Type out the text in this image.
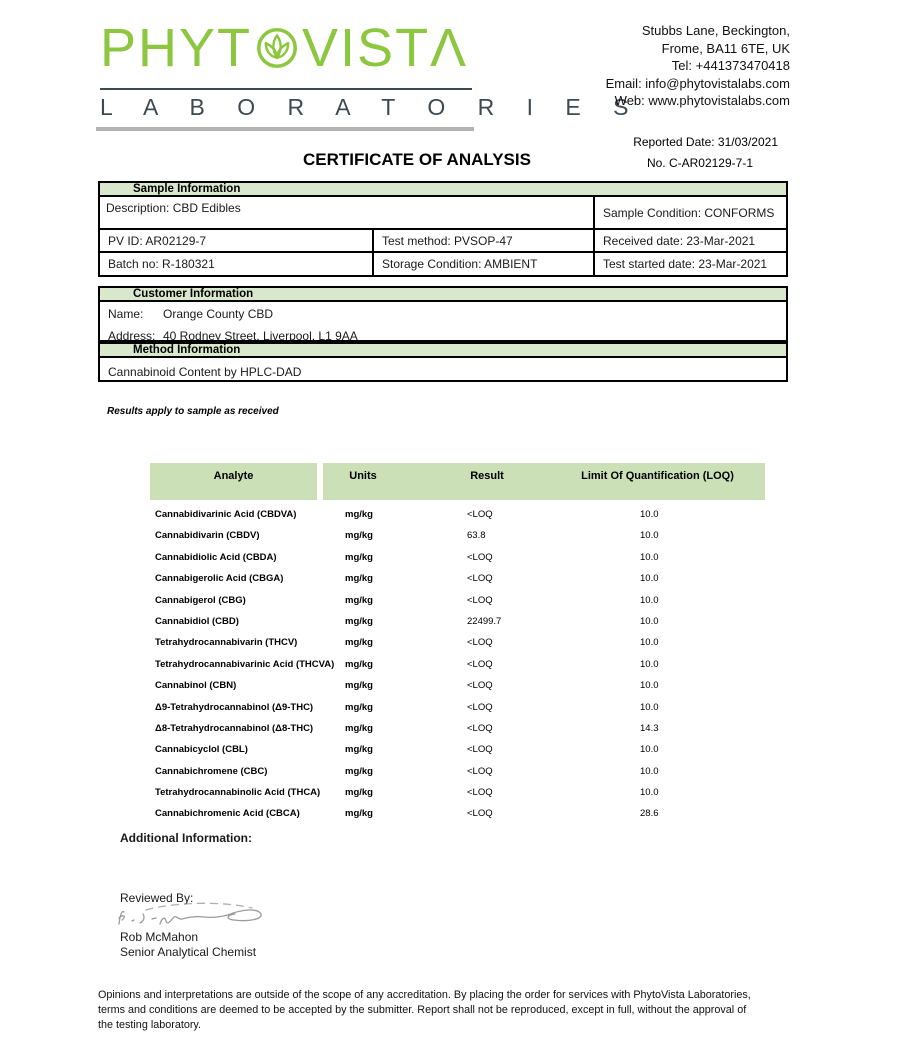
PHYT VISTΛ
L A B O R A T O R I E S
Stubbs Lane, Beckington,
Frome, BA11 6TE, UK
Tel: +441373470418
Email: info@phytovistalabs.com
Web: www.phytovistalabs.com
CERTIFICATE OF ANALYSIS
Reported Date: 31/03/2021
No. C-AR02129-7-1
Sample Information
Description: CBD Edibles	Sample Condition: CONFORMS
PV ID: AR02129-7	Test method: PVSOP-47	Received date: 23-Mar-2021
Batch no: R-180321	Storage Condition: AMBIENT	Test started date: 23-Mar-2021
Customer Information
Name: Orange County CBD
Address: 40 Rodney Street, Liverpool, L1 9AA
Method Information
Cannabinoid Content by HPLC-DAD
Results apply to sample as received
Analyte	Units	Result	Limit Of Quantification (LOQ)
Cannabidivarinic Acid (CBDVA)	mg/kg	<LOQ	10.0
Cannabidivarin (CBDV)	mg/kg	63.8	10.0
Cannabidiolic Acid (CBDA)	mg/kg	<LOQ	10.0
Cannabigerolic Acid (CBGA)	mg/kg	<LOQ	10.0
Cannabigerol (CBG)	mg/kg	<LOQ	10.0
Cannabidiol (CBD)	mg/kg	22499.7	10.0
Tetrahydrocannabivarin (THCV)	mg/kg	<LOQ	10.0
Tetrahydrocannabivarinic Acid (THCVA) mg/kg	<LOQ	10.0
Cannabinol (CBN)	mg/kg	<LOQ	10.0
Δ9-Tetrahydrocannabinol (Δ9-THC)	mg/kg	<LOQ	10.0
Δ8-Tetrahydrocannabinol (Δ8-THC)	mg/kg	<LOQ	14.3
Cannabicyclol (CBL)	mg/kg	<LOQ	10.0
Cannabichromene (CBC)	mg/kg	<LOQ	10.0
Tetrahydrocannabinolic Acid (THCA)	mg/kg	<LOQ	10.0
Cannabichromenic Acid (CBCA)	mg/kg	<LOQ	28.6
Additional Information:
Reviewed By:
Rob McMahon
Senior Analytical Chemist
Opinions and interpretations are outside of the scope of any accreditation. By placing the order for services with PhytoVista Laboratories,
terms and conditions are deemed to be accepted by the submitter. Report shall not be reproduced, except in full, without the approval of
the testing laboratory.
